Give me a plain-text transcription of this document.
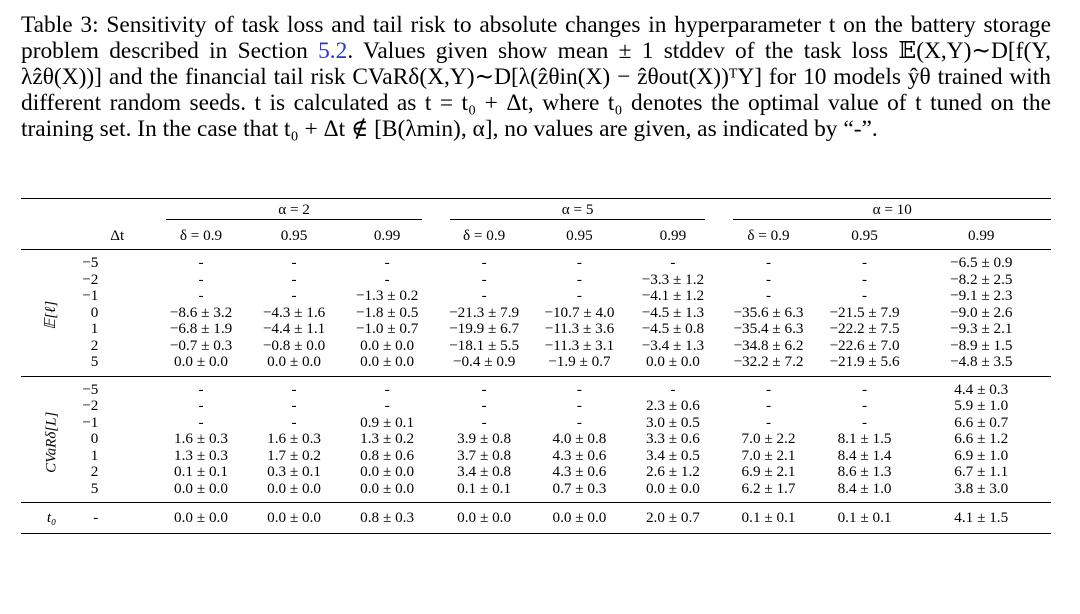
Table 3: Sensitivity of task loss and tail risk to absolute changes in hyperparameter t on the battery storage problem described in Section 5.2. Values given show mean ± 1 stddev of the task loss 𝔼(X,Y)∼D[f(Y, λẑθ(X))] and the financial tail risk CVaRδ(X,Y)∼D[λ(ẑθin(X) − ẑθout(X))ᵀY] for 10 models ŷθ trained with different random seeds. t is calculated as t = t₀ + Δt, where t₀ denotes the optimal value of t tuned on the training set. In the case that t₀ + Δt ∉ [B(λmin), α], no values are given, as indicated by “-”.

		α = 2			α = 5			α = 10		

	Δt	δ = 0.9	0.95	0.99	δ = 0.9	0.95	0.99	δ = 0.9	0.95	0.99
𝔼[ℓ]	−5	-	-	-	-	-	-	-	-	−6.5 ± 0.9
	−2	-	-	-	-	-	−3.3 ± 1.2	-	-	−8.2 ± 2.5
	−1	-	-	−1.3 ± 0.2	-	-	−4.1 ± 1.2	-	-	−9.1 ± 2.3
	0	−8.6 ± 3.2	−4.3 ± 1.6	−1.8 ± 0.5	−21.3 ± 7.9	−10.7 ± 4.0	−4.5 ± 1.3	−35.6 ± 6.3	−21.5 ± 7.9	−9.0 ± 2.6
	1	−6.8 ± 1.9	−4.4 ± 1.1	−1.0 ± 0.7	−19.9 ± 6.7	−11.3 ± 3.6	−4.5 ± 0.8	−35.4 ± 6.3	−22.2 ± 7.5	−9.3 ± 2.1
	2	−0.7 ± 0.3	−0.8 ± 0.0	0.0 ± 0.0	−18.1 ± 5.5	−11.3 ± 3.1	−3.4 ± 1.3	−34.8 ± 6.2	−22.6 ± 7.0	−8.9 ± 1.5
	5	0.0 ± 0.0	0.0 ± 0.0	0.0 ± 0.0	−0.4 ± 0.9	−1.9 ± 0.7	0.0 ± 0.0	−32.2 ± 7.2	−21.9 ± 5.6	−4.8 ± 3.5
CVaRδ[L]	−5	-	-	-	-	-	-	-	-	4.4 ± 0.3
	−2	-	-	-	-	-	2.3 ± 0.6	-	-	5.9 ± 1.0
	−1	-	-	0.9 ± 0.1	-	-	3.0 ± 0.5	-	-	6.6 ± 0.7
	0	1.6 ± 0.3	1.6 ± 0.3	1.3 ± 0.2	3.9 ± 0.8	4.0 ± 0.8	3.3 ± 0.6	7.0 ± 2.2	8.1 ± 1.5	6.6 ± 1.2
	1	1.3 ± 0.3	1.7 ± 0.2	0.8 ± 0.6	3.7 ± 0.8	4.3 ± 0.6	3.4 ± 0.5	7.0 ± 2.1	8.4 ± 1.4	6.9 ± 1.0
	2	0.1 ± 0.1	0.3 ± 0.1	0.0 ± 0.0	3.4 ± 0.8	4.3 ± 0.6	2.6 ± 1.2	6.9 ± 2.1	8.6 ± 1.3	6.7 ± 1.1
	5	0.0 ± 0.0	0.0 ± 0.0	0.0 ± 0.0	0.1 ± 0.1	0.7 ± 0.3	0.0 ± 0.0	6.2 ± 1.7	8.4 ± 1.0	3.8 ± 3.0
t₀	-	0.0 ± 0.0	0.0 ± 0.0	0.8 ± 0.3	0.0 ± 0.0	0.0 ± 0.0	2.0 ± 0.7	0.1 ± 0.1	0.1 ± 0.1	4.1 ± 1.5
